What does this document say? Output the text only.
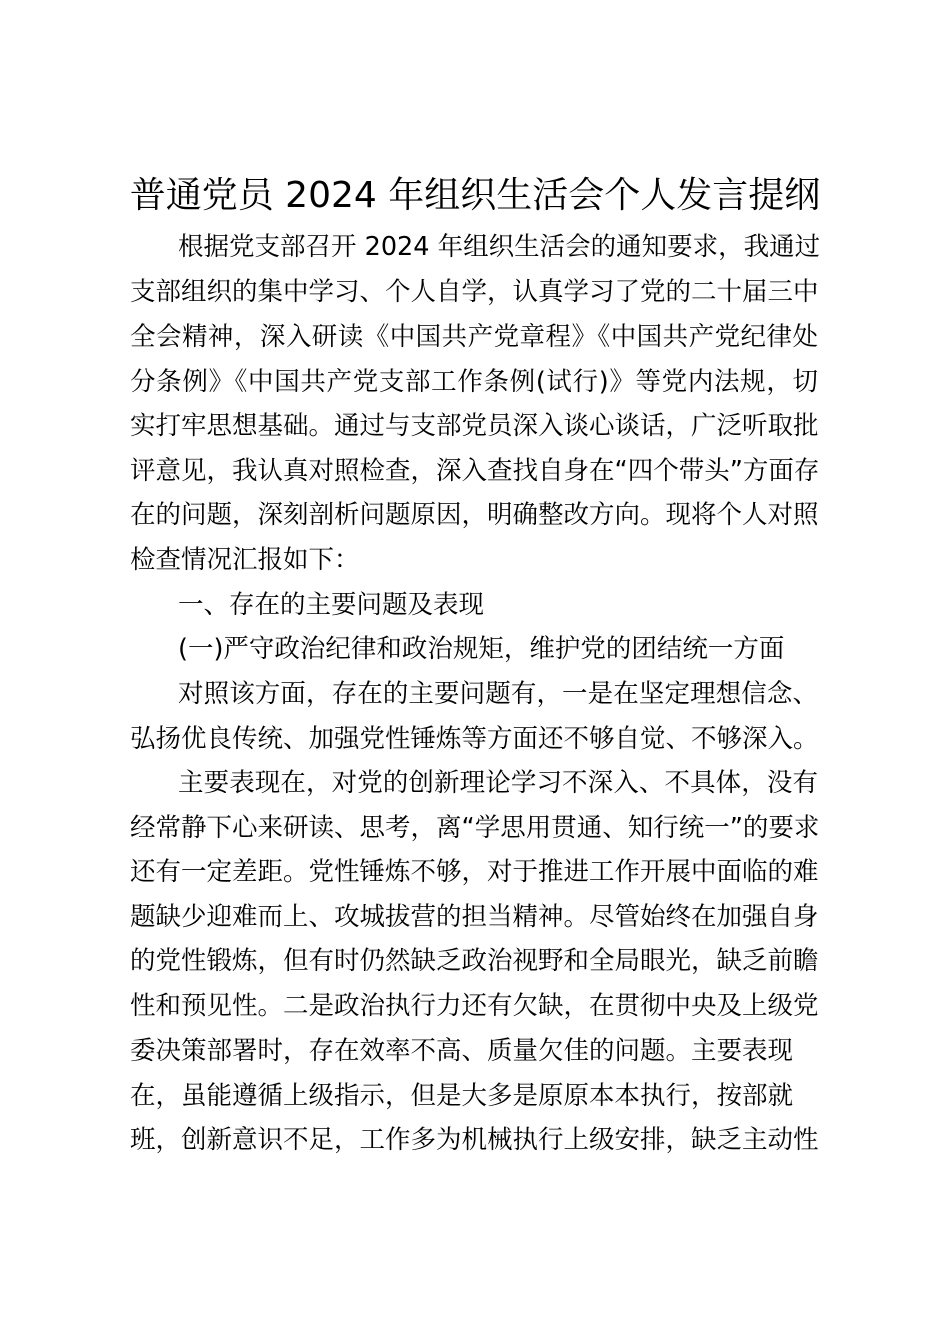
普通党员 2024 年组织生活会个人发言提纲
根据党支部召开 2024 年组织生活会的通知要求，我通过
支部组织的集中学习、个人自学，认真学习了党的二十届三中
全会精神，深入研读《中国共产党章程》《中国共产党纪律处
分条例》《中国共产党支部工作条例(试行)》等党内法规，切
实打牢思想基础。通过与支部党员深入谈心谈话，广泛听取批
评意见，我认真对照检查，深入查找自身在“四个带头”方面存
在的问题，深刻剖析问题原因，明确整改方向。现将个人对照
检查情况汇报如下：
一、存在的主要问题及表现
(一)严守政治纪律和政治规矩，维护党的团结统一方面
对照该方面，存在的主要问题有，一是在坚定理想信念、
弘扬优良传统、加强党性锤炼等方面还不够自觉、不够深入。
主要表现在，对党的创新理论学习不深入、不具体，没有
经常静下心来研读、思考，离“学思用贯通、知行统一”的要求
还有一定差距。党性锤炼不够，对于推进工作开展中面临的难
题缺少迎难而上、攻城拔营的担当精神。尽管始终在加强自身
的党性锻炼，但有时仍然缺乏政治视野和全局眼光，缺乏前瞻
性和预见性。二是政治执行力还有欠缺，在贯彻中央及上级党
委决策部署时，存在效率不高、质量欠佳的问题。主要表现
在，虽能遵循上级指示，但是大多是原原本本执行，按部就
班，创新意识不足，工作多为机械执行上级安排，缺乏主动性
